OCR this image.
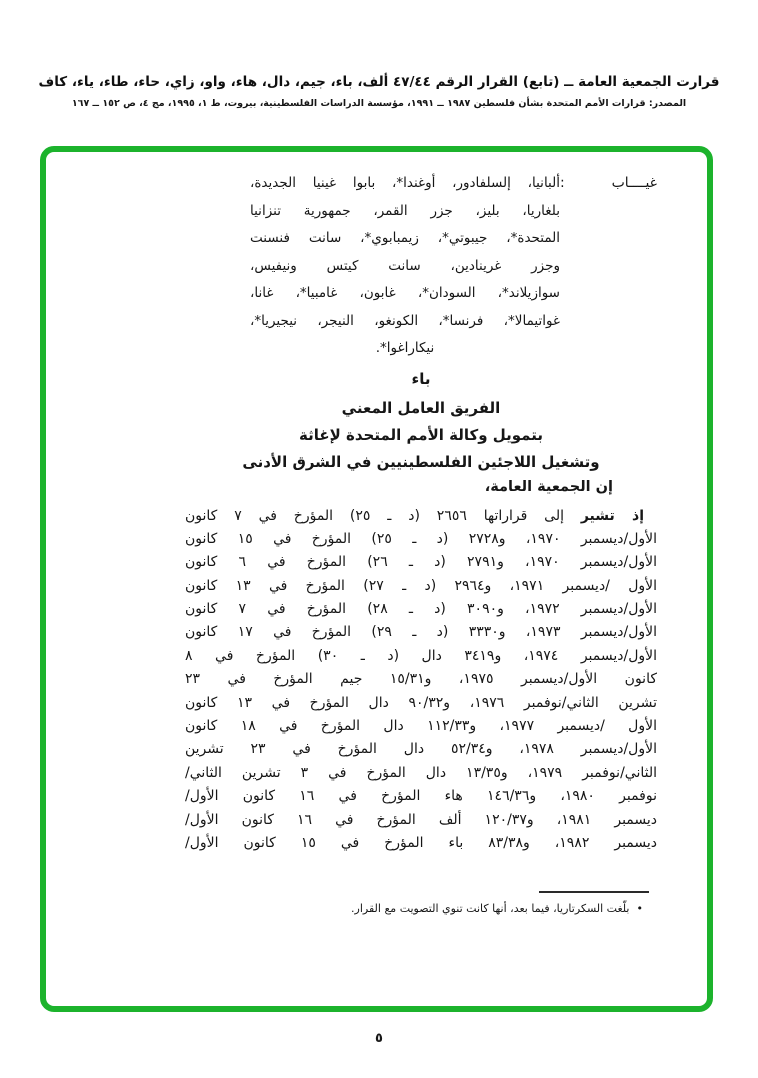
قرارت الجمعية العامة ــ (تابع) القرار الرقم ٤٧/٤٤ ألف، باء، جيم، دال، هاء، واو، زاي، حاء، طاء، ياء، كاف
المصدر: قرارات الأمم المتحدة بشأن فلسطين ١٩٨٧ ــ ١٩٩١، مؤسسة الدراسات الفلسطينية، بيروت، ط ١، ١٩٩٥، مج ٤، ص ١٥٢ ــ ١٦٧
غيــــاب
:
ألبانيا، إلسلفادور، أوغندا*، بابوا غينيا الجديدة،
بلغاريا، بليز، جزر القمر، جمهورية تنزانيا
المتحدة*، جيبوتي*، زيمبابوي*، سانت فنسنت
وجزر غرينادين، سانت كيتس ونيفيس،
سوازيلاند*، السودان*، غابون، غامبيا*، غانا،
غواتيمالا*، فرنسا*، الكونغو، النيجر، نيجيريا*،
نيكاراغوا*.
باء
الفريق العامل المعني
بتمويل وكالة الأمم المتحدة لإغاثة
وتشغيل اللاجئين الفلسطينيين في الشرق الأدنى
إن الجمعية العامة،
إذ تشير إلى قراراتها ٢٦٥٦ (د ـ ٢٥) المؤرخ في ٧ كانون
الأول/ديسمبر ١٩٧٠، و٢٧٢٨ (د ـ ٢٥) المؤرخ في ١٥ كانون
الأول/ديسمبر ١٩٧٠، و٢٧٩١ (د ـ ٢٦) المؤرخ في ٦ كانون
الأول /ديسمبر ١٩٧١، و٢٩٦٤ (د ـ ٢٧) المؤرخ في ١٣ كانون
الأول/ديسمبر ١٩٧٢، و٣٠٩٠ (د ـ ٢٨) المؤرخ في ٧ كانون
الأول/ديسمبر ١٩٧٣، و٣٣٣٠ (د ـ ٢٩) المؤرخ في ١٧ كانون
الأول/ديسمبر ١٩٧٤، و٣٤١٩ دال (د ـ ٣٠) المؤرخ في ٨
كانون الأول/ديسمبر ١٩٧٥، و١٥/٣١ جيم المؤرخ في ٢٣
تشرين الثاني/نوفمبر ١٩٧٦، و٩٠/٣٢ دال المؤرخ في ١٣ كانون
الأول /ديسمبر ١٩٧٧، و١١٢/٣٣ دال المؤرخ في ١٨ كانون
الأول/ديسمبر ١٩٧٨، و٥٢/٣٤ دال المؤرخ في ٢٣ تشرين
الثاني/نوفمبر ١٩٧٩، و١٣/٣٥ دال المؤرخ في ٣ تشرين الثاني/
نوفمبر ١٩٨٠، و١٤٦/٣٦ هاء المؤرخ في ١٦ كانون الأول/
ديسمبر ١٩٨١، و١٢٠/٣٧ ألف المؤرخ في ١٦ كانون الأول/
ديسمبر ١٩٨٢، و٨٣/٣٨ باء المؤرخ في ١٥ كانون الأول/
•
بلّغت السكرتاريا، فيما بعد، أنها كانت تنوي التصويت مع القرار.
٥
